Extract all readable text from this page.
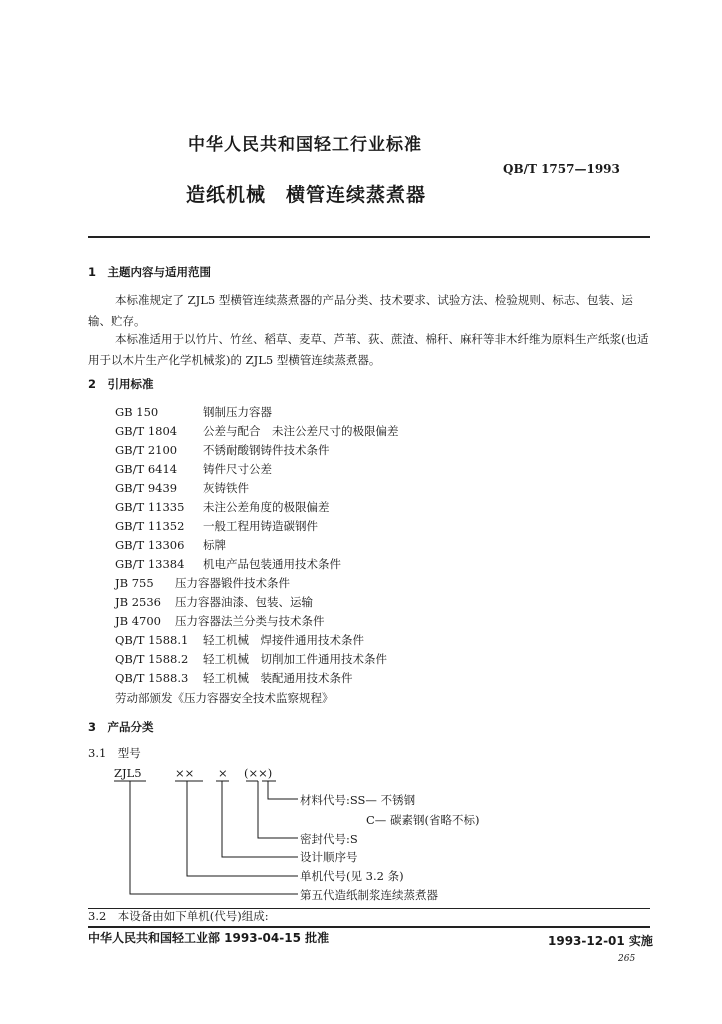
中华人民共和国轻工行业标准
QB/T 1757—1993
造纸机械　横管连续蒸煮器
1　主题内容与适用范围
本标准规定了 ZJL5 型横管连续蒸煮器的产品分类、技术要求、试验方法、检验规则、标志、包装、运输、贮存。
本标准适用于以竹片、竹丝、稻草、麦草、芦苇、荻、蔗渣、棉秆、麻秆等非木纤维为原料生产纸浆(也适用于以木片生产化学机械浆)的 ZJL5 型横管连续蒸煮器。
2　引用标准
GB 150	钢制压力容器
GB/T 1804 公差与配合　未注公差尺寸的极限偏差
GB/T 2100 不锈耐酸钢铸件技术条件
GB/T 6414 铸件尺寸公差
GB/T 9439 灰铸铁件
GB/T 11335 未注公差角度的极限偏差
GB/T 11352 一般工程用铸造碳钢件
GB/T 13306 标牌
GB/T 13384 机电产品包装通用技术条件
JB 755 压力容器锻件技术条件
JB 2536 压力容器油漆、包装、运输
JB 4700 压力容器法兰分类与技术条件
QB/T 1588.1 轻工机械　焊接件通用技术条件
QB/T 1588.2 轻工机械　切削加工件通用技术条件
QB/T 1588.3 轻工机械　装配通用技术条件
劳动部颁发《压力容器安全技术监察规程》
3　产品分类
3.1　型号
ZJL5	×× × (××)
材料代号:SS— 不锈钢
C— 碳素钢(省略不标)
密封代号:S
设计顺序号
单机代号(见 3.2 条)
第五代造纸制浆连续蒸煮器
3.2　本设备由如下单机(代号)组成:
中华人民共和国轻工业部 1993-04-15 批准	1993-12-01 实施
265
